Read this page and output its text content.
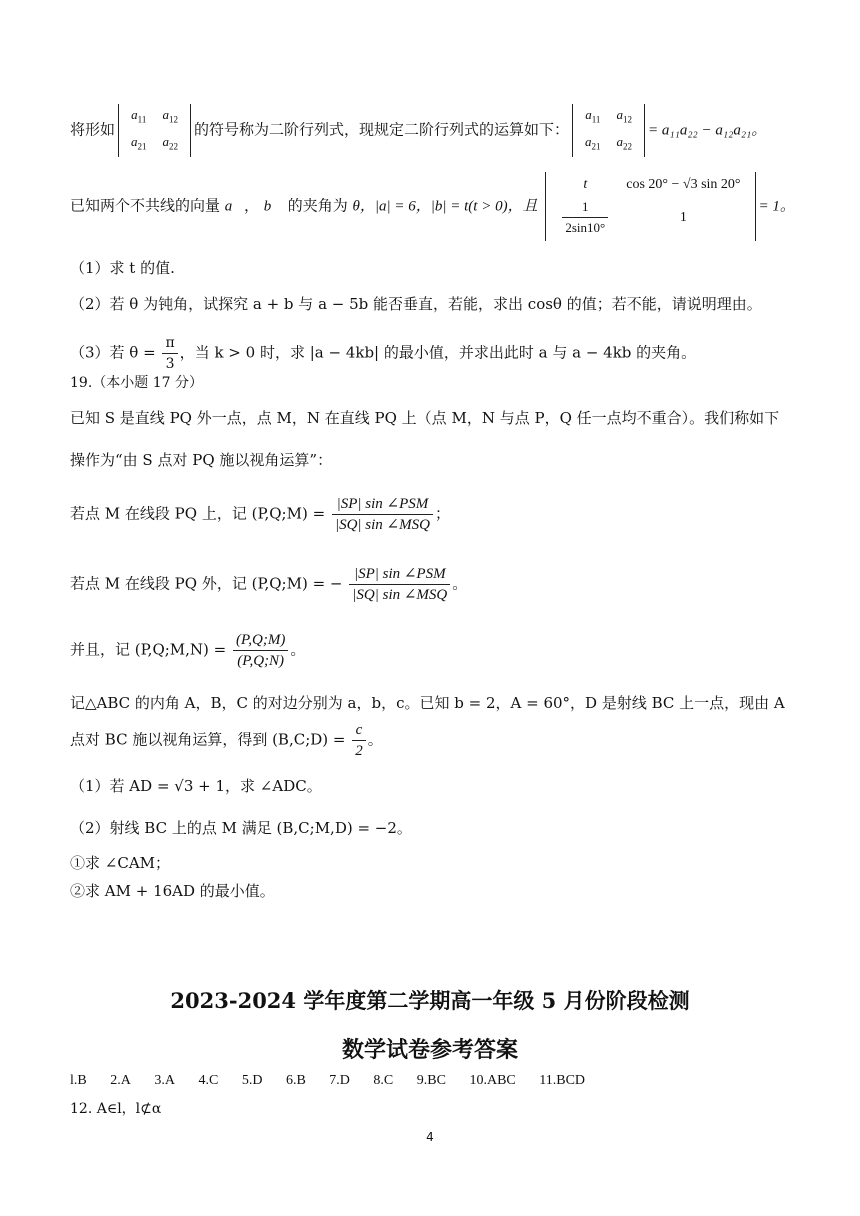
将形如
$a_{11}$	$a_{12}$
$a_{21}$	$a_{22}$
的符号称为二阶行列式，现规定二阶行列式的运算如下：
$a_{11}$	$a_{12}$
$a_{21}$	$a_{22}$
= a₁₁a₂₂ − a₁₂a₂₁。
已知两个不共线的向量 a⃗， b⃗ 的夹角为 θ，|a| = 6，|b| = t(t > 0)，且
t	cos 20° − √3 sin 20°

$\frac{1}{2\sin 10^\circ}$	1
= 1。
（1）求 t 的值.
（2）若 θ 为钝角，试探究 a + b 与 a − 5b 能否垂直，若能，求出 cosθ 的值；若不能，请说明理由。
（3）若 $\theta = \frac{\pi}{3}$ ，当 k > 0 时，求 |a − 4kb| 的最小值，并求出此时 a 与 a − 4kb 的夹角。
19.（本小题 17 分）
已知 S 是直线 PQ 外一点，点 M，N 在直线 PQ 上（点 M，N 与点 P，Q 任一点均不重合）。我们称如下
操作为“由 S 点对 PQ 施以视角运算”：
若点 M 在线段 PQ 上，记 (P,Q;M) = $\frac{\text{|SP| sin ∠PSM}}{\text{|SQ| sin ∠MSQ}}$ ；
若点 M 在线段 PQ 外，记 (P,Q;M) = − $\frac{\text{|SP| sin ∠PSM}}{\text{|SQ| sin ∠MSQ}}$ 。
并且，记 (P,Q;M,N) = $\frac{(P,Q;M)}{(P,Q;N)}$ 。
记△ABC 的内角 A，B，C 的对边分别为 a，b，c。已知 b = 2，A = 60°，D 是射线 BC 上一点，现由 A
点对 BC 施以视角运算，得到 (B,C;D) = $\frac{c}{2}$ 。
（1）若 AD = √3 + 1，求 ∠ADC。
（2）射线 BC 上的点 M 满足 (B,C;M,D) = −2。
①求 ∠CAM；
②求 AM + 16AD 的最小值。
2023-2024 学年度第二学期高一年级 5 月份阶段检测
数学试卷参考答案
l.B 2.A 3.A 4.C 5.D 6.B 7.D 8.C 9.BC 10.ABC 11.BCD
12. A∈l，l⊄α
4
